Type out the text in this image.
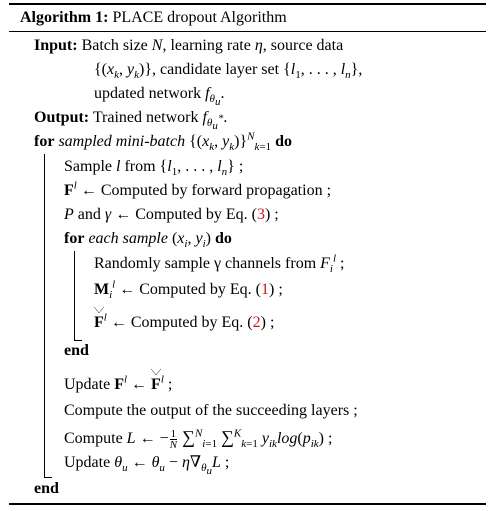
Algorithm 1: PLACE dropout Algorithm
Input: Batch size N, learning rate η, source data
{($x_k$, $y_k$)}, candidate layer set {$l_1$, . . . , $l_n$},
updated network $f_{\theta_u}$.
Output: Trained network $f_{\theta_u^*}$.
for sampled mini-batch {($x_k$, $y_k)\}^N_{k=1}$ do
Sample l from {$l_1$, . . . , $l_n$} ;
$F^l$ ← Computed by forward propagation ;
P and γ ← Computed by Eq. (3) ;
for each sample ($x_i$, $y_i$) do
Randomly sample γ channels from $F_i^l$ ;
$M_i^l$ ← Computed by Eq. (1) ;
$F^l$ ← Computed by Eq. (2) ;
end
Update $F^l$ ← $F^l$ ;
Compute the output of the succeeding layers ;
Compute L ← − $\frac{1}{N} \sum^N_{i=1}$ ∑$^K_{k=1}$ $y_{ik}\log(p_{ik})$ ;
Update $\theta_u$ ← $\theta_u - \eta\nabla_{\theta_u}L$ ;
end
